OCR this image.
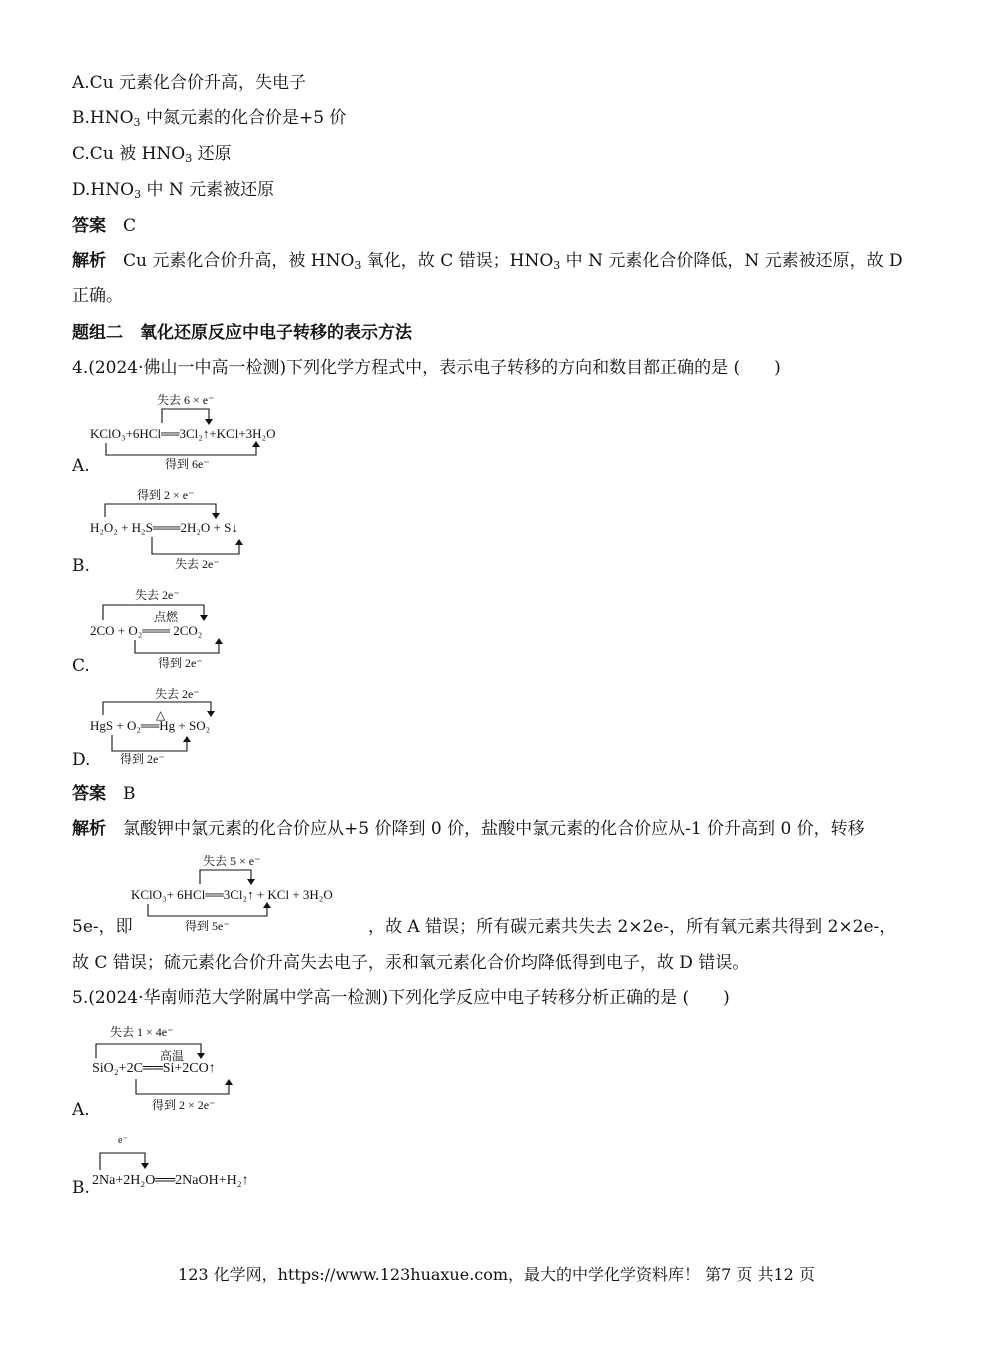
A.Cu 元素化合价升高，失电子
$B.HNO_3$ 中氮元素的化合价是+5 价
C.Cu 被 $HNO_3$ 还原
$D.HNO_3$ 中 N 元素被还原
答案　 C
解析　 Cu 元素化合价升高，被 $HNO_3$ 氧化，故 C 错误；$HNO_3$ 中 N 元素化合价降低，N 元素被还原，故 D
正确。
题组二　氧化还原反应中电子转移的表示方法
4.(2024·佛山一中高一检测)下列化学方程式中，表示电子转移的方向和数目都正确的是 (　　)
失去 6 × e⁻
KClO₃+6HCl══3Cl₂↑+KCl+3H₂O
得到 6e⁻
A.
得到 2 × e⁻
H₂O₂ + H₂S═══2H₂O + S↓
失去 2e⁻
B.
失去 2e⁻
点燃
2CO + O₂═══ 2CO₂
得到 2e⁻
C.
失去 2e⁻
△
HgS + O₂══Hg + SO₂
得到 2e⁻
D.
答案　 B
解析　 氯酸钾中氯元素的化合价应从+5 价降到 0 价，盐酸中氯元素的化合价应从-1 价升高到 0 价，转移
失去 5 × e⁻
KClO₃+ 6HCl══3Cl₂↑ + KCl + 3H₂O
得到 5e⁻
5e-，即	，故 A 错误；所有碳元素共失去 2×2e-，所有氧元素共得到 2×2e-，
故 C 错误；硫元素化合价升高失去电子，汞和氧元素化合价均降低得到电子，故 D 错误。
5.(2024·华南师范大学附属中学高一检测)下列化学反应中电子转移分析正确的是 (　　)
失去 1 × 4e⁻
高温
SiO₂+2C══Si+2CO↑
得到 2 × 2e⁻
A.
e⁻
2Na+2H₂O══2NaOH+H₂↑
B.
123 化学网，https://www.123huaxue.com，最大的中学化学资料库！ 第7 页 共12 页
